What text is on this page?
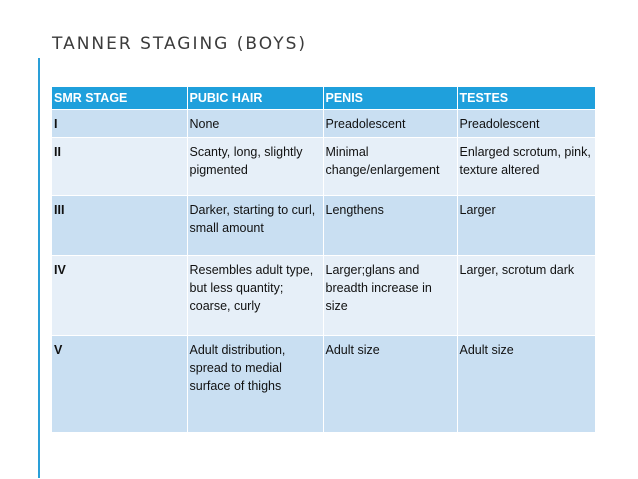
TANNER STAGING (BOYS)
SMR STAGE	PUBIC HAIR	PENIS	TESTES
I	None	Preadolescent	Preadolescent
II	Scanty, long, slightly pigmented	Minimal change/enlargement	Enlarged scrotum, pink, texture altered
III	Darker, starting to curl, small amount	Lengthens	Larger
IV	Resembles adult type, but less quantity; coarse, curly	Larger;glans and breadth increase in size	Larger, scrotum dark
V	Adult distribution, spread to medial surface of thighs	Adult size	Adult size
